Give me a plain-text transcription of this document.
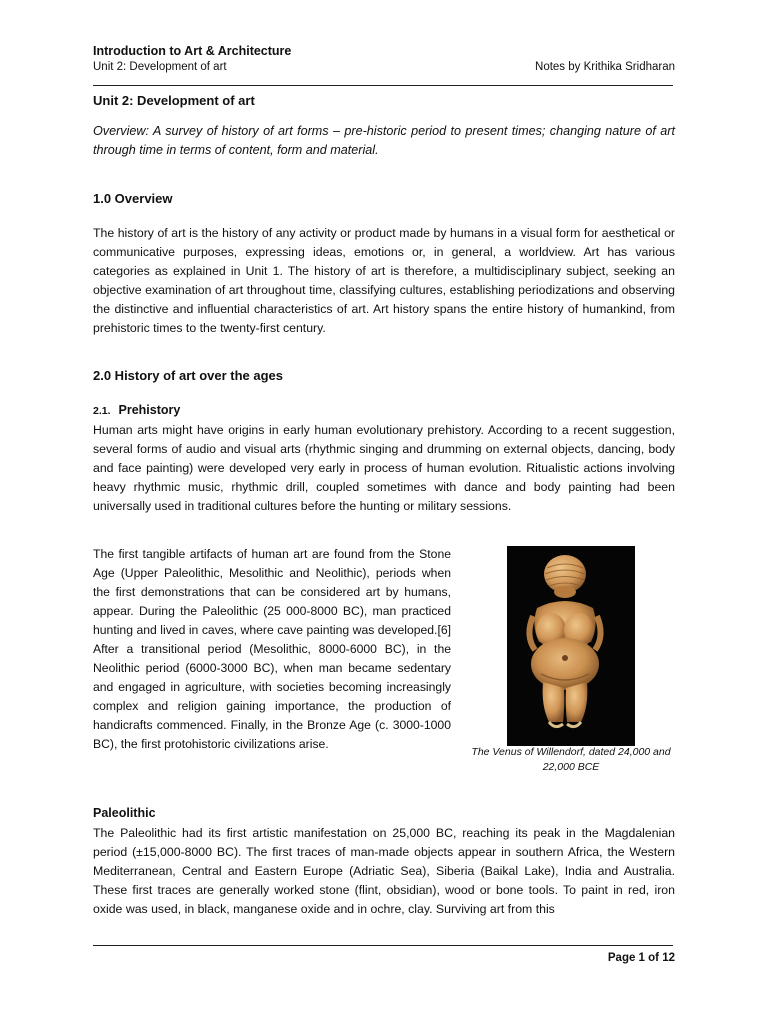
Introduction to Art & Architecture
Unit 2: Development of art	Notes by Krithika Sridharan
Unit 2: Development of art

Overview: A survey of history of art forms – pre-historic period to present times; changing nature of art through time in terms of content, form and material.

1.0 Overview

The history of art is the history of any activity or product made by humans in a visual form for aesthetical or communicative purposes, expressing ideas, emotions or, in general, a worldview. Art has various categories as explained in Unit 1. The history of art is therefore, a multidisciplinary subject, seeking an objective examination of art throughout time, classifying cultures, establishing periodizations and observing the distinctive and influential characteristics of art. Art history spans the entire history of humankind, from prehistoric times to the twenty-first century.

2.0 History of art over the ages
2.1. Prehistory

Human arts might have origins in early human evolutionary prehistory. According to a recent suggestion, several forms of audio and visual arts (rhythmic singing and drumming on external objects, dancing, body and face painting) were developed very early in process of human evolution. Ritualistic actions involving heavy rhythmic music, rhythmic drill, coupled sometimes with dance and body painting had been universally used in traditional cultures before the hunting or military sessions.

The first tangible artifacts of human art are found from the Stone Age (Upper Paleolithic, Mesolithic and Neolithic), periods when the first demonstrations that can be considered art by humans, appear. During the Paleolithic (25 000-8000 BC), man practiced hunting and lived in caves, where cave painting was developed.[6] After a transitional period (Mesolithic, 8000-6000 BC), in the Neolithic period (6000-3000 BC), when man became sedentary and engaged in agriculture, with societies becoming increasingly complex and religion gaining importance, the production of handicrafts commenced. Finally, in the Bronze Age (c. 3000-1000 BC), the first protohistoric civilizations arise.

The Venus of Willendorf, dated 24,000 and 22,000 BCE

Paleolithic

The Paleolithic had its first artistic manifestation on 25,000 BC, reaching its peak in the Magdalenian period (±15,000-8000 BC). The first traces of man-made objects appear in southern Africa, the Western Mediterranean, Central and Eastern Europe (Adriatic Sea), Siberia (Baikal Lake), India and Australia. These first traces are generally worked stone (flint, obsidian), wood or bone tools. To paint in red, iron oxide was used, in black, manganese oxide and in ochre, clay. Surviving art from this

Page 1 of 12
